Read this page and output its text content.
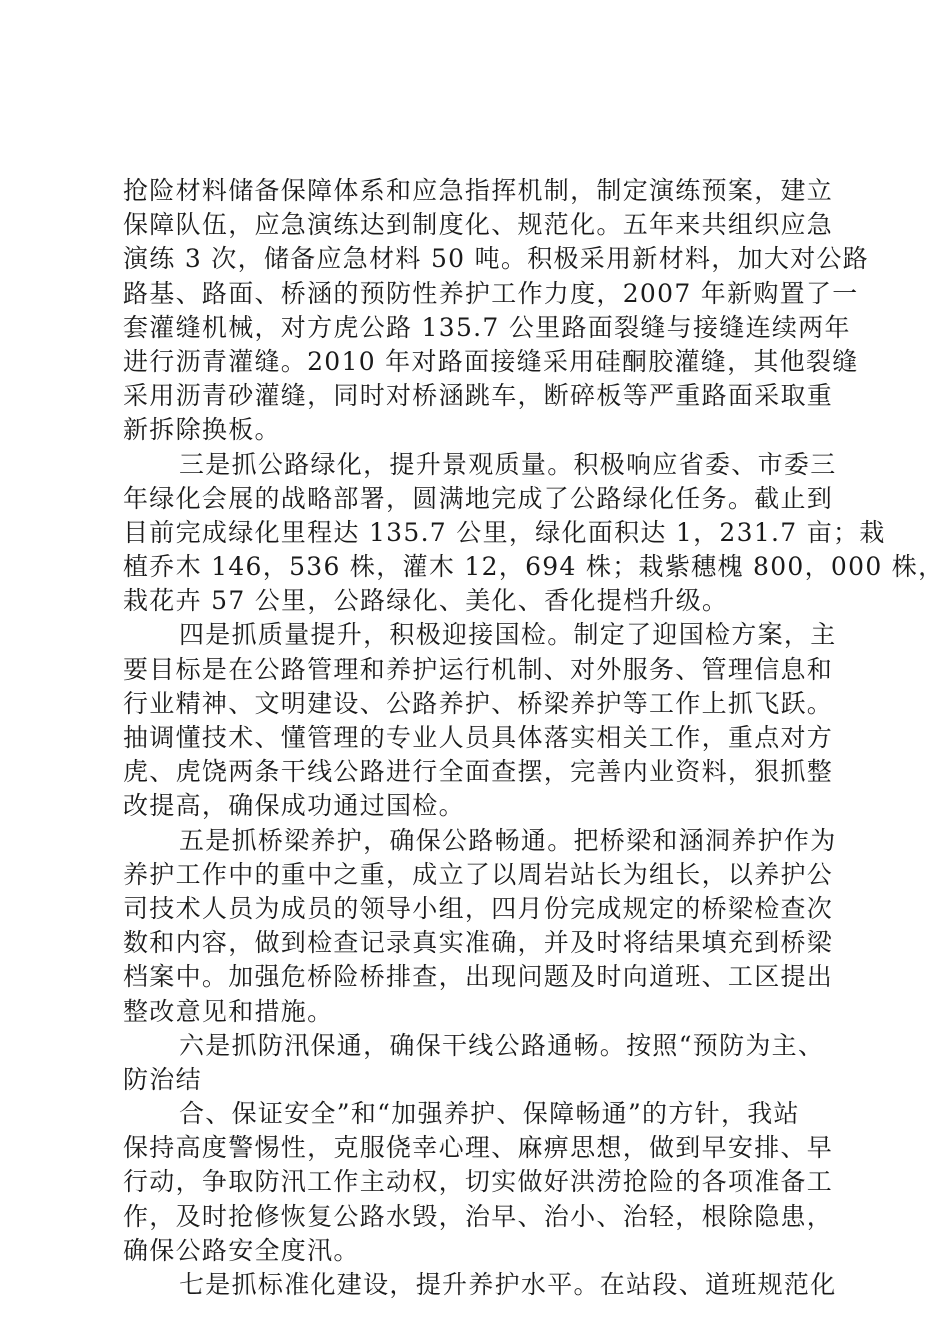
抢险材料储备保障体系和应急指挥机制，制定演练预案，建立
保障队伍，应急演练达到制度化、规范化。五年来共组织应急
演练 3 次，储备应急材料 50 吨。积极采用新材料，加大对公路
路基、路面、桥涵的预防性养护工作力度，2007 年新购置了一
套灌缝机械，对方虎公路 135.7 公里路面裂缝与接缝连续两年
进行沥青灌缝。2010 年对路面接缝采用硅酮胶灌缝，其他裂缝
采用沥青砂灌缝，同时对桥涵跳车，断碎板等严重路面采取重
新拆除换板。
三是抓公路绿化，提升景观质量。积极响应省委、市委三
年绿化会展的战略部署，圆满地完成了公路绿化任务。截止到
目前完成绿化里程达 135.7 公里，绿化面积达 1，231.7 亩；栽
植乔木 146，536 株，灌木 12，694 株；栽紫穗槐 800，000 株，
栽花卉 57 公里，公路绿化、美化、香化提档升级。
四是抓质量提升，积极迎接国检。制定了迎国检方案，主
要目标是在公路管理和养护运行机制、对外服务、管理信息和
行业精神、文明建设、公路养护、桥梁养护等工作上抓飞跃。
抽调懂技术、懂管理的专业人员具体落实相关工作，重点对方
虎、虎饶两条干线公路进行全面查摆，完善内业资料，狠抓整
改提高，确保成功通过国检。
五是抓桥梁养护，确保公路畅通。把桥梁和涵洞养护作为
养护工作中的重中之重，成立了以周岩站长为组长，以养护公
司技术人员为成员的领导小组，四月份完成规定的桥梁检查次
数和内容，做到检查记录真实准确，并及时将结果填充到桥梁
档案中。加强危桥险桥排查，出现问题及时向道班、工区提出
整改意见和措施。
六是抓防汛保通，确保干线公路通畅。按照“预防为主、
防治结
合、保证安全”和“加强养护、保障畅通”的方针，我站
保持高度警惕性，克服侥幸心理、麻痹思想，做到早安排、早
行动，争取防汛工作主动权，切实做好洪涝抢险的各项准备工
作，及时抢修恢复公路水毁，治早、治小、治轻，根除隐患，
确保公路安全度汛。
七是抓标准化建设，提升养护水平。在站段、道班规范化
